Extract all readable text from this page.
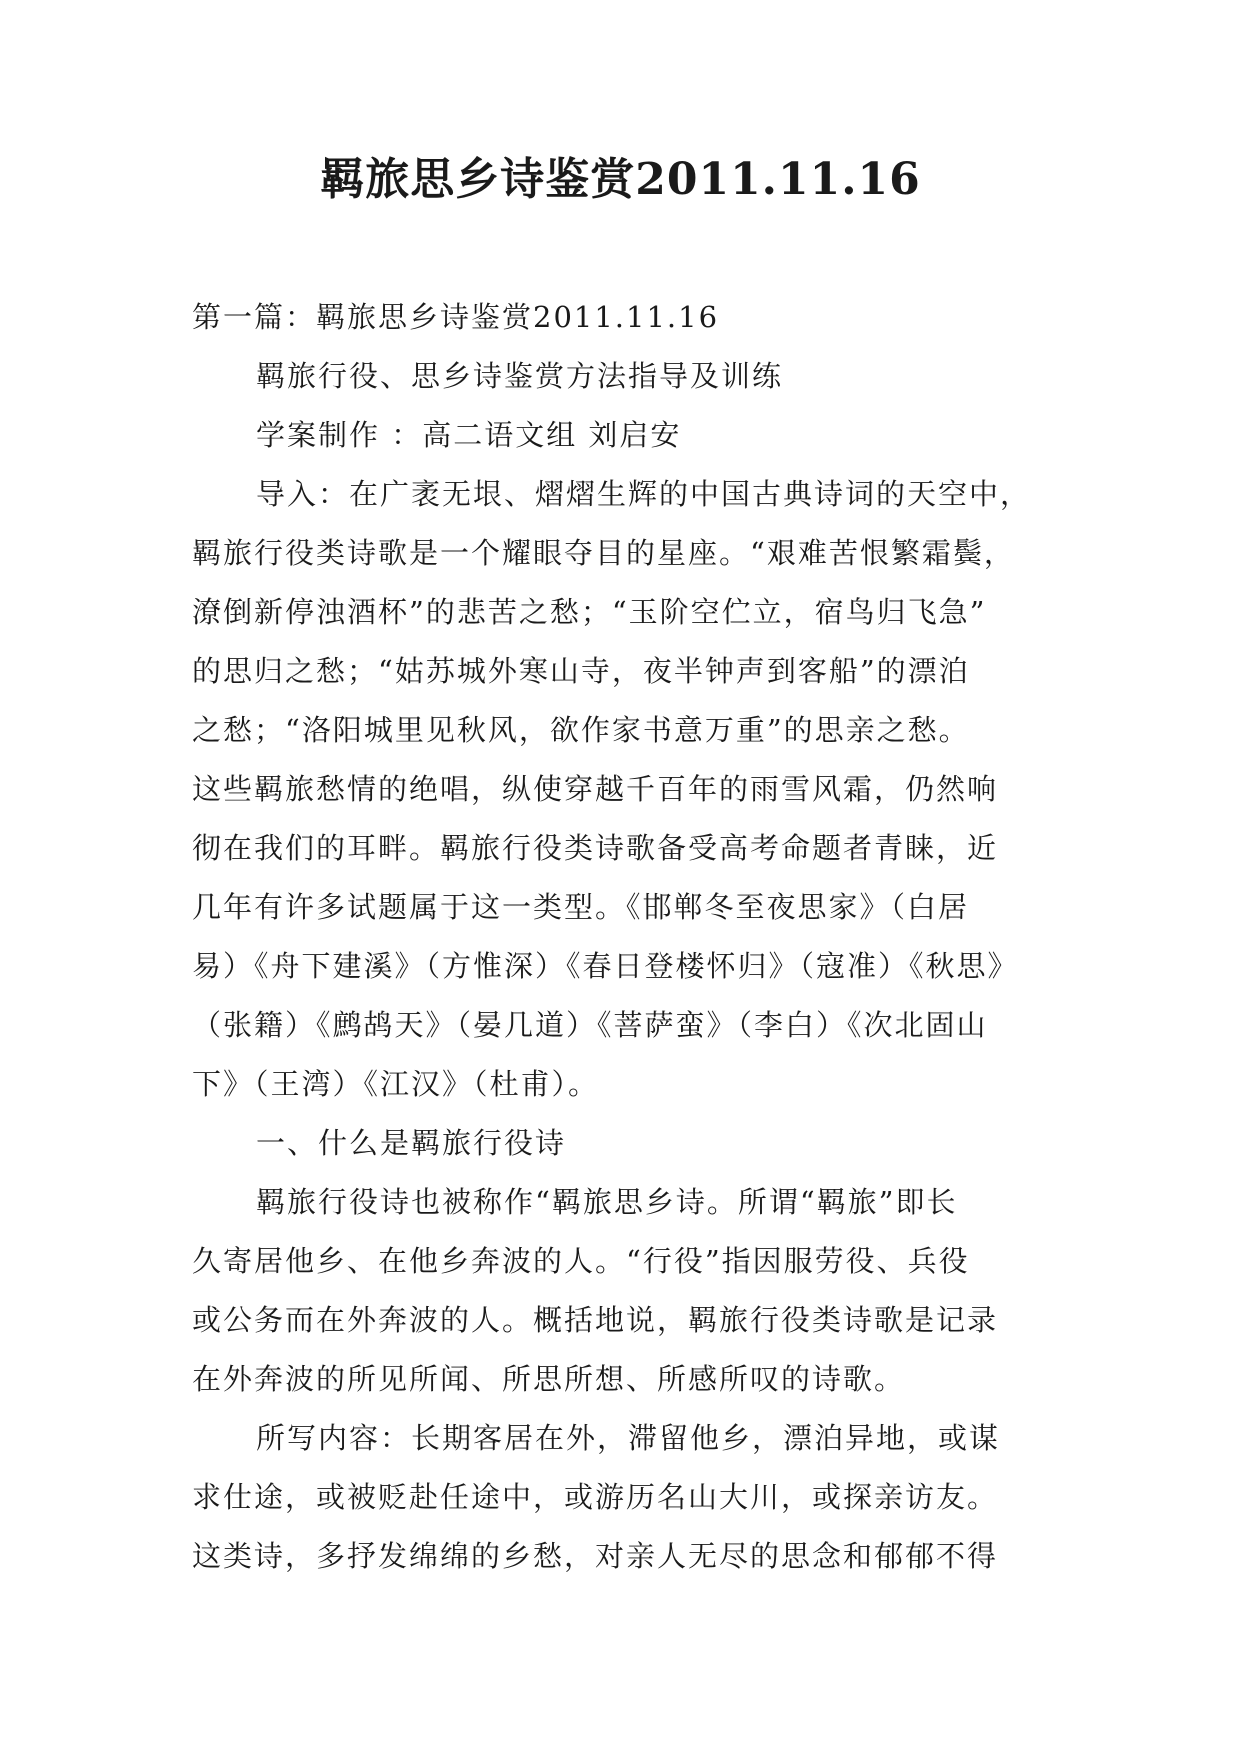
羁旅思乡诗鉴赏2011.11.16
第一篇：羁旅思乡诗鉴赏2011.11.16
羁旅行役、思乡诗鉴赏方法指导及训练
学案制作 ：高二语文组 刘启安
导入：在广袤无垠、熠熠生辉的中国古典诗词的天空中，
羁旅行役类诗歌是一个耀眼夺目的星座。“艰难苦恨繁霜鬓，
潦倒新停浊酒杯”的悲苦之愁；“玉阶空伫立，宿鸟归飞急”
的思归之愁；“姑苏城外寒山寺，夜半钟声到客船”的漂泊
之愁；“洛阳城里见秋风，欲作家书意万重”的思亲之愁。
这些羁旅愁情的绝唱，纵使穿越千百年的雨雪风霜，仍然响
彻在我们的耳畔。羁旅行役类诗歌备受高考命题者青睐，近
几年有许多试题属于这一类型。《邯郸冬至夜思家》（白居
易）《舟下建溪》（方惟深）《春日登楼怀归》（寇准）《秋思》
（张籍）《鹧鸪天》（晏几道）《菩萨蛮》（李白）《次北固山
下》（王湾）《江汉》（杜甫）。
一、什么是羁旅行役诗
羁旅行役诗也被称作“羁旅思乡诗。所谓“羁旅”即长
久寄居他乡、在他乡奔波的人。“行役”指因服劳役、兵役
或公务而在外奔波的人。概括地说，羁旅行役类诗歌是记录
在外奔波的所见所闻、所思所想、所感所叹的诗歌。
所写内容：长期客居在外，滞留他乡，漂泊异地，或谋
求仕途，或被贬赴任途中，或游历名山大川，或探亲访友。
这类诗，多抒发绵绵的乡愁，对亲人无尽的思念和郁郁不得
